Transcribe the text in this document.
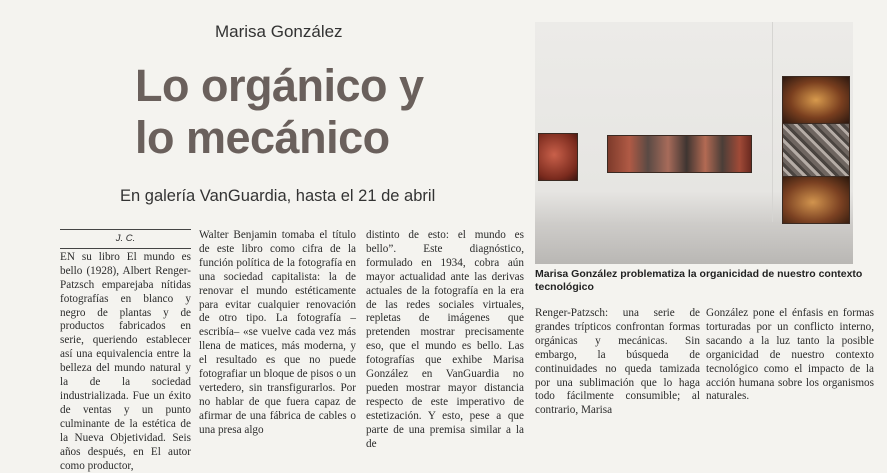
Marisa González
Lo orgánico y
lo mecánico
En galería VanGuardia, hasta el 21 de abril
J. C.

EN su libro El mundo es bello (1928), Albert Renger-Patzsch emparejaba nítidas fotografías en blanco y negro de plantas y de productos fabricados en serie, queriendo establecer así una equivalencia entre la belleza del mundo natural y la de la sociedad industrializada. Fue un éxito de ventas y un punto culminante de la estética de la Nueva Objetividad. Seis años después, en El autor como productor,

Walter Benjamin tomaba el título de este libro como cifra de la función política de la fotografía en una sociedad capitalista: la de renovar el mundo estéticamente para evitar cualquier renovación de otro tipo. La fotografía –escribía– «se vuelve cada vez más llena de matices, más moderna, y el resultado es que no puede fotografiar un bloque de pisos o un vertedero, sin transfigurarlos. Por no hablar de que fuera capaz de afirmar de una fábrica de cables o una presa algo

distinto de esto: el mundo es bello”. Este diagnóstico, formulado en 1934, cobra aún mayor actualidad ante las derivas actuales de la fotografía en la era de las redes sociales virtuales, repletas de imágenes que pretenden mostrar precisamente eso, que el mundo es bello. Las fotografías que exhibe Marisa González en VanGuardia no pueden mostrar mayor distancia respecto de este imperativo de estetización. Y esto, pese a que parte de una premisa similar a la de

Marisa González problematiza la organicidad de nuestro contexto tecnológico

Renger-Patzsch: una serie de grandes trípticos confrontan formas orgánicas y mecánicas. Sin embargo, la búsqueda de continuidades no queda tamizada por una sublimación que lo haga todo fácilmente consumible; al contrario, Marisa

González pone el énfasis en formas torturadas por un conflicto interno, sacando a la luz tanto la posible organicidad de nuestro contexto tecnológico como el impacto de la acción humana sobre los organismos naturales.
